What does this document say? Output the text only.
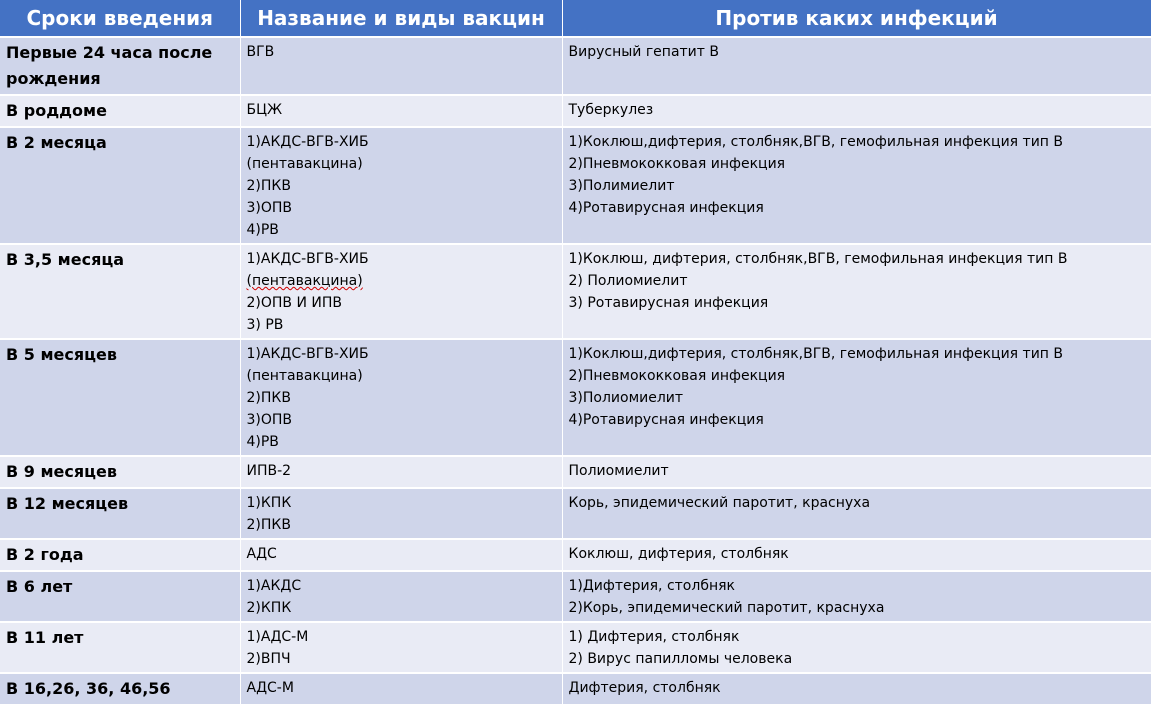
Сроки введения	Название и виды вакцин	Против каких инфекций

Первые 24 часа после
рождения	ВГВ	Вирусный гепатит В

В роддоме	БЦЖ	Туберкулез

В 2 месяца	1)АКДС-ВГВ-ХИБ
(пентавакцина)
2)ПКВ
3)ОПВ
4)РВ	1)Коклюш,дифтерия, столбняк,ВГВ, гемофильная инфекция тип В
2)Пневмококковая инфекция
3)Полимиелит
4)Ротавирусная инфекция

В 3,5 месяца	1)АКДС-ВГВ-ХИБ
(пентавакцина)
2)ОПВ И ИПВ
3) РВ	1)Коклюш, дифтерия, столбняк,ВГВ, гемофильная инфекция тип В
2) Полиомиелит
3) Ротавирусная инфекция

В 5 месяцев	1)АКДС-ВГВ-ХИБ
(пентавакцина)
2)ПКВ
3)ОПВ
4)РВ	1)Коклюш,дифтерия, столбняк,ВГВ, гемофильная инфекция тип В
2)Пневмококковая инфекция
3)Полиомиелит
4)Ротавирусная инфекция

В 9 месяцев	ИПВ-2	Полиомиелит

В 12 месяцев	1)КПК
2)ПКВ	Корь, эпидемический паротит, краснуха

В 2 года	АДС	Коклюш, дифтерия, столбняк

В 6 лет	1)АКДС
2)КПК	1)Дифтерия, столбняк
2)Корь, эпидемический паротит, краснуха

В 11 лет	1)АДС-М
2)ВПЧ	1) Дифтерия, столбняк
2) Вирус папилломы человека

В 16,26, 36, 46,56	АДС-М	Дифтерия, столбняк
